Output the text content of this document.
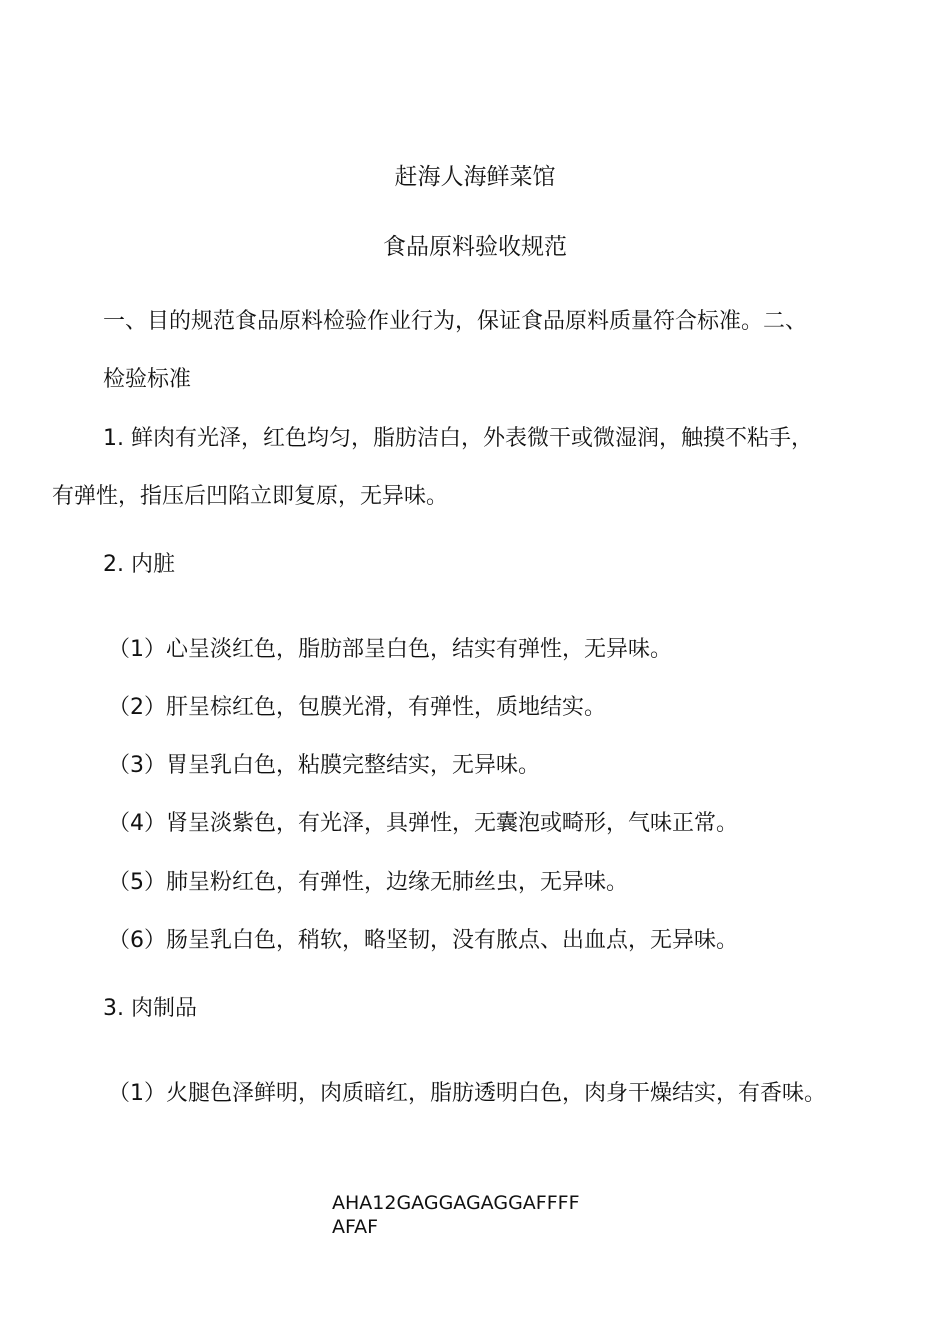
赶海人海鲜菜馆
食品原料验收规范
一、目的规范食品原料检验作业行为，保证食品原料质量符合标准。二、
检验标准
1. 鲜肉有光泽，红色均匀，脂肪洁白，外表微干或微湿润，触摸不粘手，
有弹性，指压后凹陷立即复原，无异味。
2. 内脏
（1）心呈淡红色，脂肪部呈白色，结实有弹性，无异味。
（2）肝呈棕红色，包膜光滑，有弹性，质地结实。
（3）胃呈乳白色，粘膜完整结实，无异味。
（4）肾呈淡紫色，有光泽，具弹性，无囊泡或畸形，气味正常。
（5）肺呈粉红色，有弹性，边缘无肺丝虫，无异味。
（6）肠呈乳白色，稍软，略坚韧，没有脓点、出血点，无异味。
3. 肉制品
（1）火腿色泽鲜明，肉质暗红，脂肪透明白色，肉身干燥结实，有香味。
AHA12GAGGAGAGGAFFFF
AFAF
